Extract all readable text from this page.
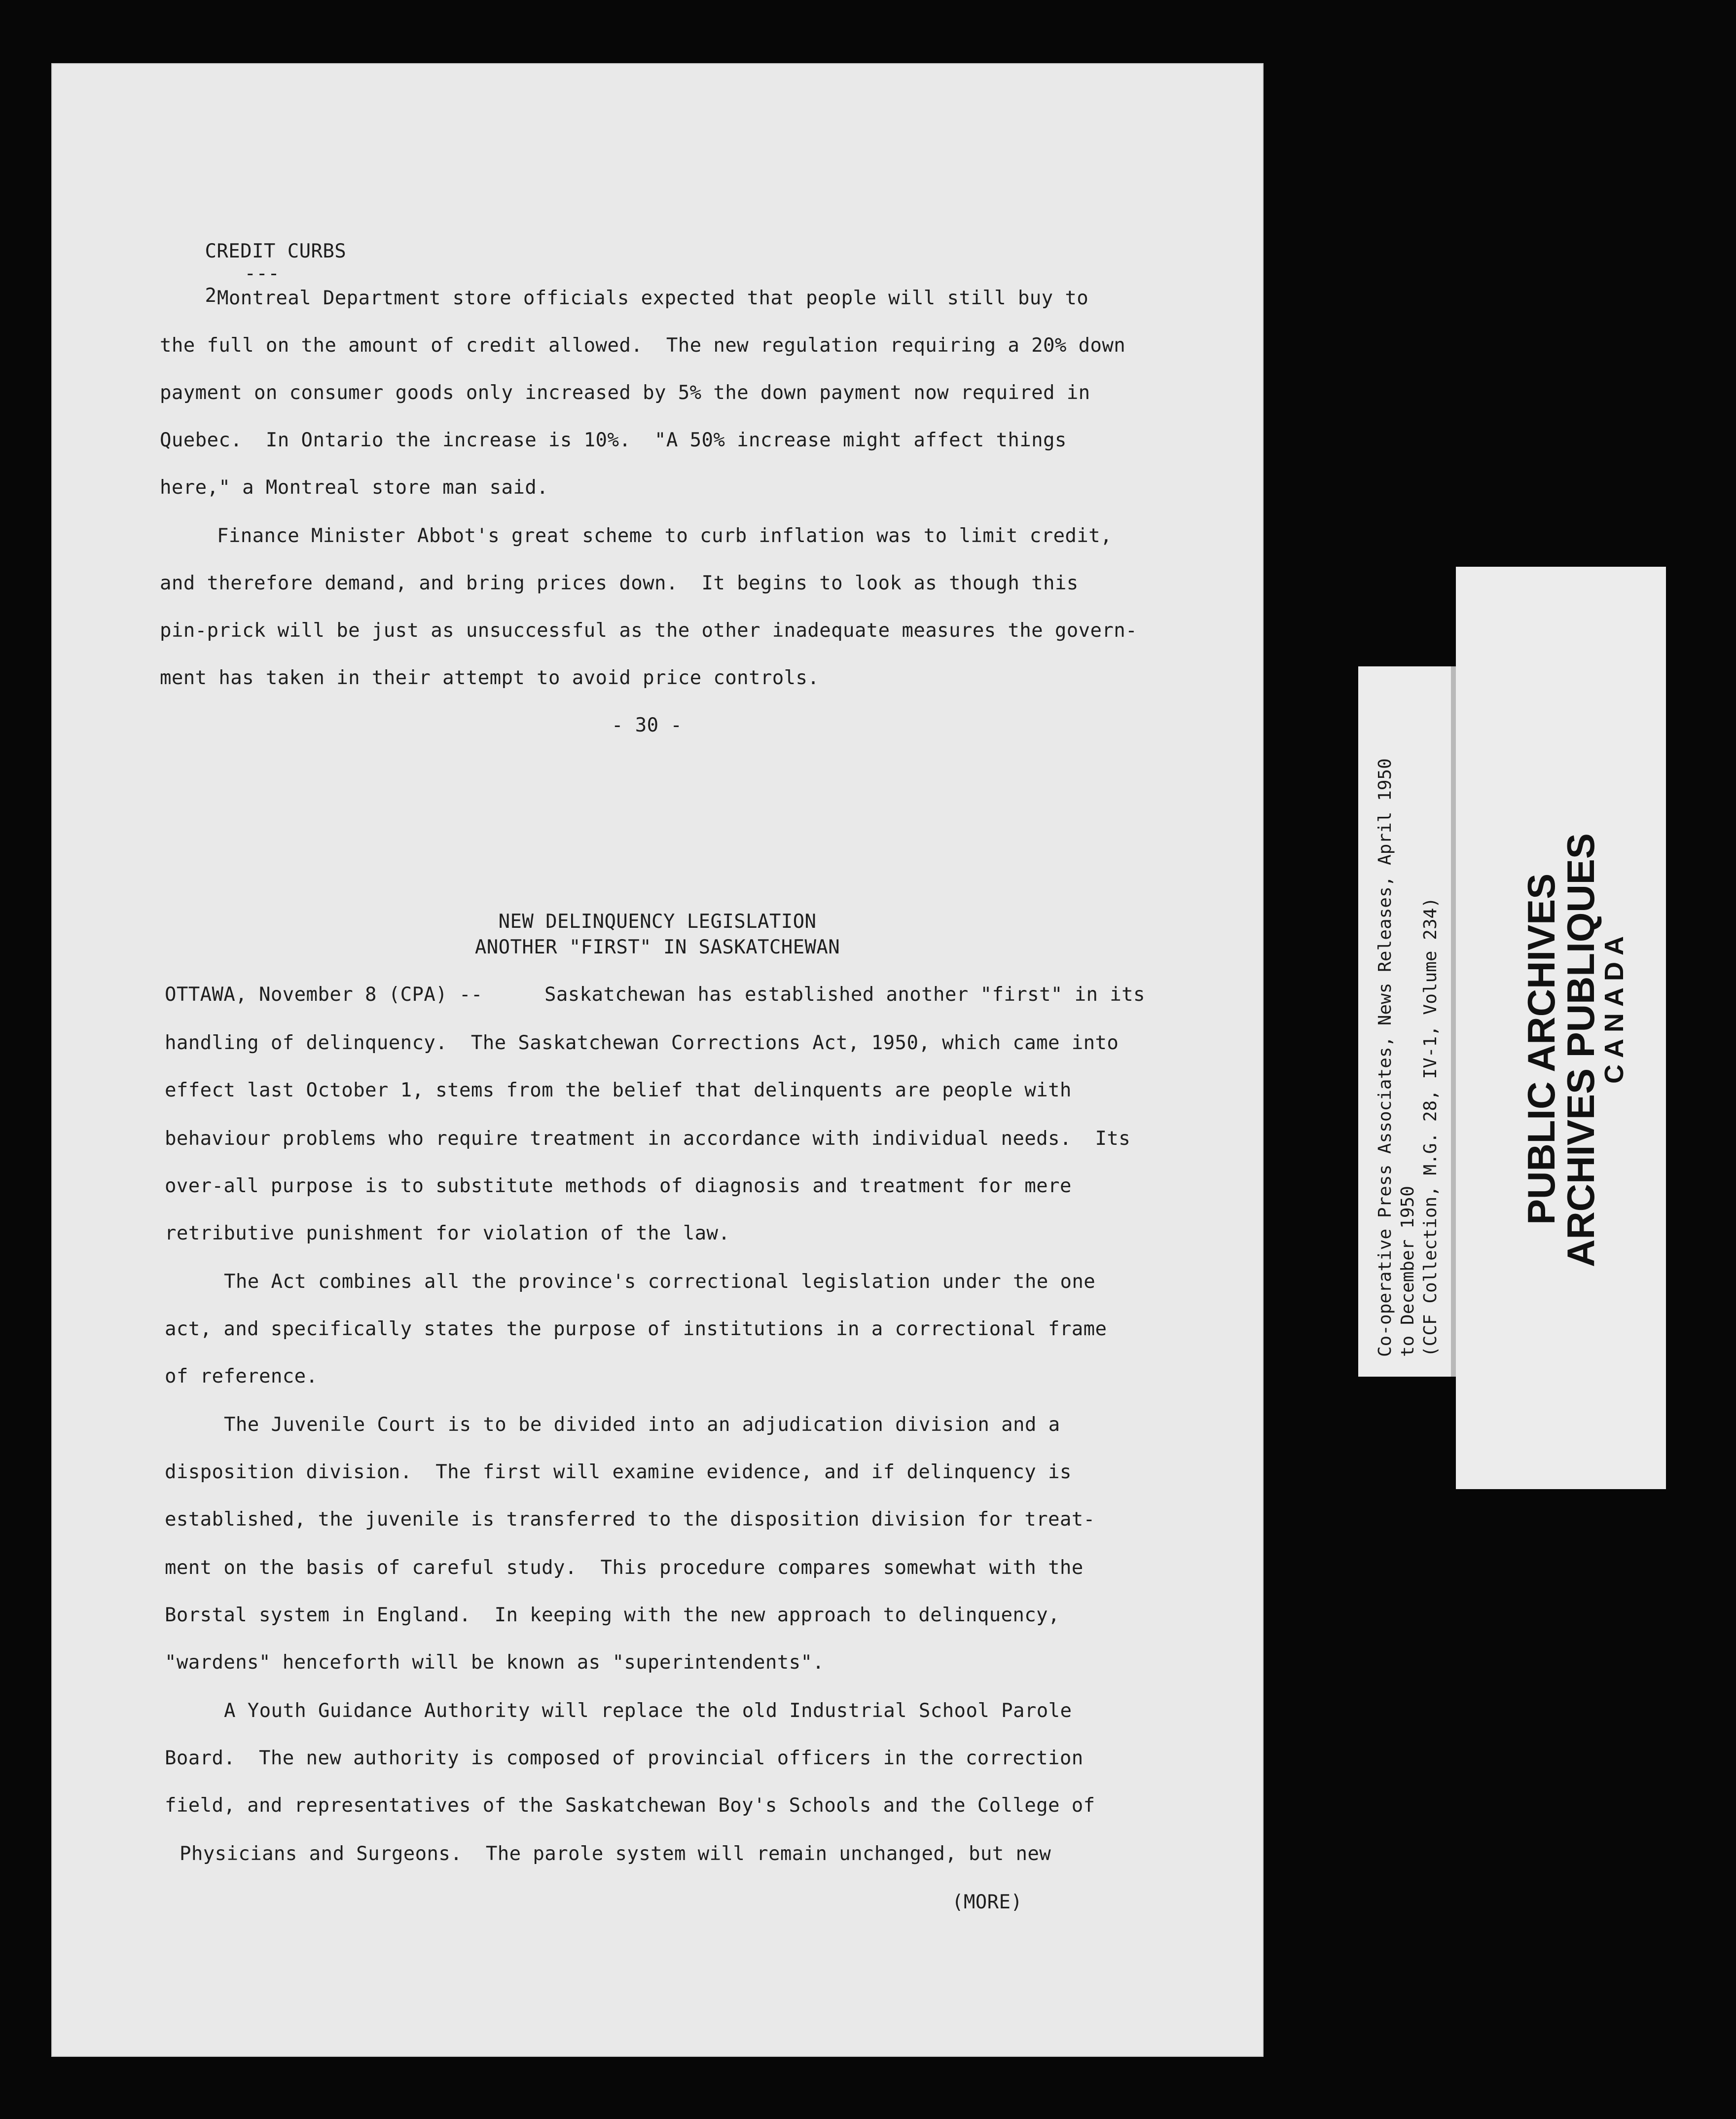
CREDIT CURBS
---
2
Montreal Department store officials expected that people will still buy to
the full on the amount of credit allowed.  The new regulation requiring a 20% down
payment on consumer goods only increased by 5% the down payment now required in
Quebec.  In Ontario the increase is 10%.  "A 50% increase might affect things
here," a Montreal store man said.
Finance Minister Abbot's great scheme to curb inflation was to limit credit,
and therefore demand, and bring prices down.  It begins to look as though this
pin-prick will be just as unsuccessful as the other inadequate measures the govern-
ment has taken in their attempt to avoid price controls.
- 30 -
NEW DELINQUENCY LEGISLATION
ANOTHER "FIRST" IN SASKATCHEWAN
OTTAWA, November 8 (CPA) --	Saskatchewan has established another "first" in its
handling of delinquency.  The Saskatchewan Corrections Act, 1950, which came into
effect last October 1, stems from the belief that delinquents are people with
behaviour problems who require treatment in accordance with individual needs.  Its
over-all purpose is to substitute methods of diagnosis and treatment for mere
retributive punishment for violation of the law.
The Act combines all the province's correctional legislation under the one
act, and specifically states the purpose of institutions in a correctional frame
of reference.
The Juvenile Court is to be divided into an adjudication division and a
disposition division.  The first will examine evidence, and if delinquency is
established, the juvenile is transferred to the disposition division for treat-
ment on the basis of careful study.  This procedure compares somewhat with the
Borstal system in England.  In keeping with the new approach to delinquency,
"wardens" henceforth will be known as "superintendents".
A Youth Guidance Authority will replace the old Industrial School Parole
Board.  The new authority is composed of provincial officers in the correction
field, and representatives of the Saskatchewan Boy's Schools and the College of
Physicians and Surgeons.  The parole system will remain unchanged, but new
(MORE)
Co-operative Press Associates, News Releases, April 1950 to December 1950 (CCF Collection, M.G. 28, IV-1, Volume 234) PUBLIC ARCHIVES
ARCHIVES PUBLIQUES
C A N A D A
